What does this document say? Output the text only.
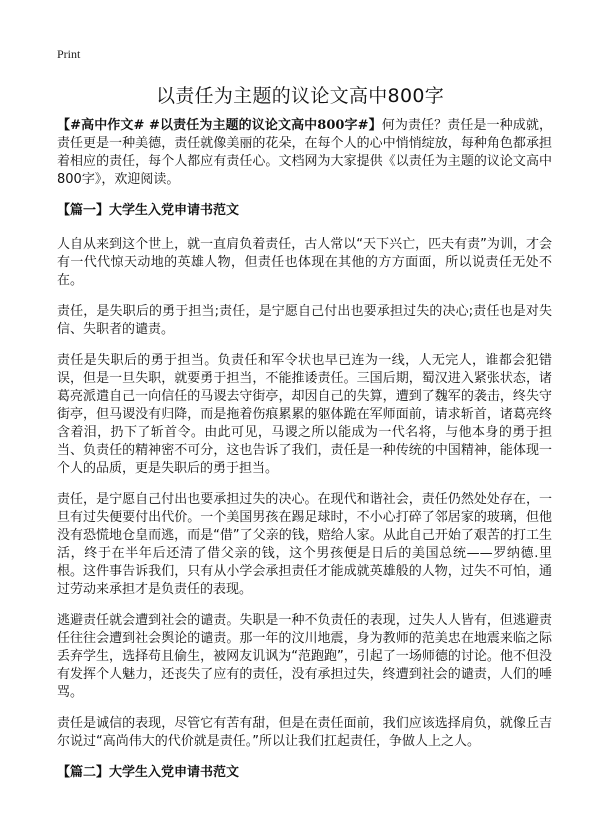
Print
以责任为主题的议论文高中800字

【#高中作文# #以责任为主题的议论文高中800字#】何为责任？责任是一种成就，责任更是一种美德，责任就像美丽的花朵，在每个人的心中悄悄绽放，每种角色都承担着相应的责任，每个人都应有责任心。文档网为大家提供《以责任为主题的议论文高中800字》，欢迎阅读。

【篇一】大学生入党申请书范文

人自从来到这个世上，就一直肩负着责任，古人常以“天下兴亡，匹夫有责”为训，才会有一代代惊天动地的英雄人物，但责任也体现在其他的方方面面，所以说责任无处不在。

责任，是失职后的勇于担当;责任，是宁愿自己付出也要承担过失的决心;责任也是对失信、失职者的谴责。

责任是失职后的勇于担当。负责任和军令状也早已连为一线，人无完人，谁都会犯错误，但是一旦失职，就要勇于担当，不能推诿责任。三国后期，蜀汉进入紧张状态，诸葛亮派遣自己一向信任的马谡去守街亭，却因自己的失算，遭到了魏军的袭击，终失守街亭，但马谡没有归降，而是拖着伤痕累累的躯体跪在军师面前，请求斩首，诸葛亮终含着泪，扔下了斩首令。由此可见，马谡之所以能成为一代名将，与他本身的勇于担当、负责任的精神密不可分，这也告诉了我们，责任是一种传统的中国精神，能体现一个人的品质，更是失职后的勇于担当。

责任，是宁愿自己付出也要承担过失的决心。在现代和谐社会，责任仍然处处存在，一旦有过失便要付出代价。一个美国男孩在踢足球时，不小心打碎了邻居家的玻璃，但他没有恐慌地仓皇而逃，而是“借”了父亲的钱，赔给人家。从此自己开始了艰苦的打工生活，终于在半年后还清了借父亲的钱，这个男孩便是日后的美国总统——罗纳德.里根。这件事告诉我们，只有从小学会承担责任才能成就英雄般的人物，过失不可怕，通过劳动来承担才是负责任的表现。

逃避责任就会遭到社会的谴责。失职是一种不负责任的表现，过失人人皆有，但逃避责任往往会遭到社会舆论的谴责。那一年的汶川地震，身为教师的范美忠在地震来临之际丢弃学生，选择苟且偷生，被网友讥讽为“范跑跑”，引起了一场师德的讨论。他不但没有发挥个人魅力，还丧失了应有的责任，没有承担过失，终遭到社会的谴责，人们的唾骂。

责任是诚信的表现，尽管它有苦有甜，但是在责任面前，我们应该选择肩负，就像丘吉尔说过“高尚伟大的代价就是责任。”所以让我们扛起责任，争做人上之人。

【篇二】大学生入党申请书范文
